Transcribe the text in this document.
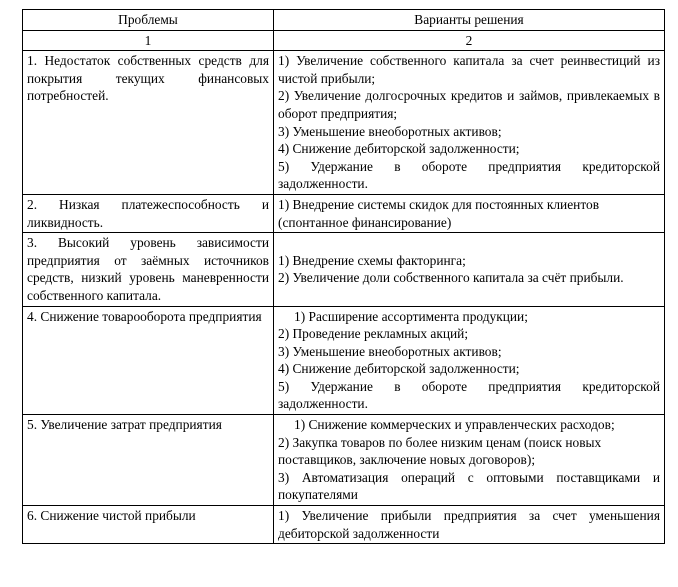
Проблемы	Варианты решения
1	2
1. Недостаток собственных средств для покрытия текущих финансовых потребностей.	1) Увеличение собственного капитала за счет реинвестиций из чистой прибыли;
2) Увеличение долгосрочных кредитов и займов, привлекаемых в оборот предприятия;
3) Уменьшение внеоборотных активов;
4) Снижение дебиторской задолженности;
5) Удержание в обороте предприятия кредиторской задолженности.

2. Низкая платежеспособность и ликвидность.	1) Внедрение системы скидок для постоянных клиентов (спонтанное финансирование)

3. Высокий уровень зависимости предприятия от заёмных источников средств, низкий уровень маневренности собственного капитала.	1) Внедрение схемы факторинга;
2) Увеличение доли собственного капитала за счёт прибыли.

4. Снижение товарооборота предприятия	1) Расширение ассортимента продукции;
2) Проведение рекламных акций;
3) Уменьшение внеоборотных активов;
4) Снижение дебиторской задолженности;
5) Удержание в обороте предприятия кредиторской задолженности.

5. Увеличение затрат предприятия	1) Снижение коммерческих и управленческих расходов;
2) Закупка товаров по более низким ценам (поиск новых поставщиков, заключение новых договоров);
3) Автоматизация операций с оптовыми поставщиками и покупателями

6. Снижение чистой прибыли	1) Увеличение прибыли предприятия за счет уменьшения дебиторской задолженности
